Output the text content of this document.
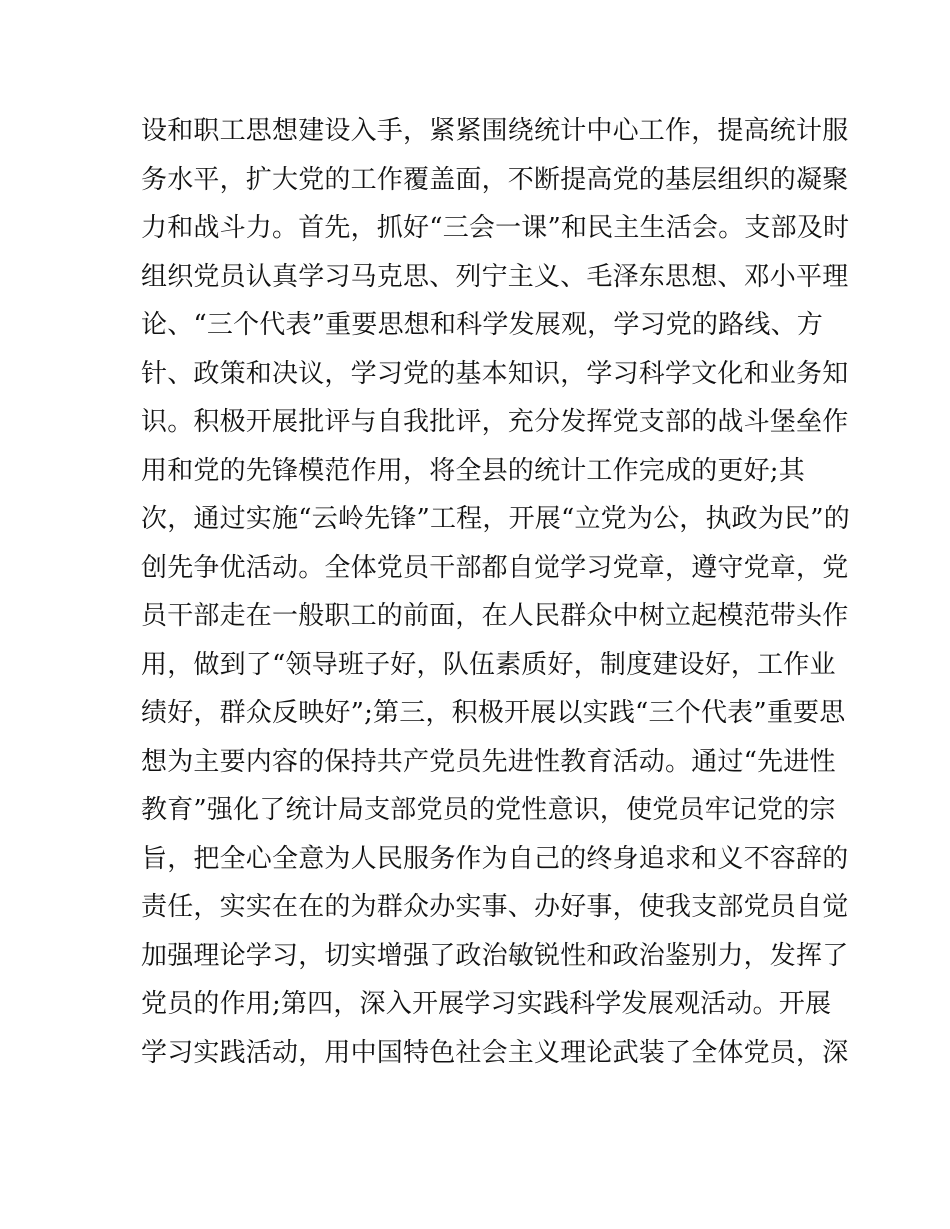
设和职工思想建设入手，紧紧围绕统计中心工作，提高统计服
务水平，扩大党的工作覆盖面，不断提高党的基层组织的凝聚
力和战斗力。首先，抓好“三会一课”和民主生活会。支部及时
组织党员认真学习马克思、列宁主义、毛泽东思想、邓小平理
论、“三个代表”重要思想和科学发展观，学习党的路线、方
针、政策和决议，学习党的基本知识，学习科学文化和业务知
识。积极开展批评与自我批评，充分发挥党支部的战斗堡垒作
用和党的先锋模范作用，将全县的统计工作完成的更好;其
次，通过实施“云岭先锋”工程，开展“立党为公，执政为民”的
创先争优活动。全体党员干部都自觉学习党章，遵守党章，党
员干部走在一般职工的前面，在人民群众中树立起模范带头作
用，做到了“领导班子好，队伍素质好，制度建设好，工作业
绩好，群众反映好”;第三，积极开展以实践“三个代表”重要思
想为主要内容的保持共产党员先进性教育活动。通过“先进性
教育”强化了统计局支部党员的党性意识，使党员牢记党的宗
旨，把全心全意为人民服务作为自己的终身追求和义不容辞的
责任，实实在在的为群众办实事、办好事，使我支部党员自觉
加强理论学习，切实增强了政治敏锐性和政治鉴别力，发挥了
党员的作用;第四，深入开展学习实践科学发展观活动。开展
学习实践活动，用中国特色社会主义理论武装了全体党员，深
